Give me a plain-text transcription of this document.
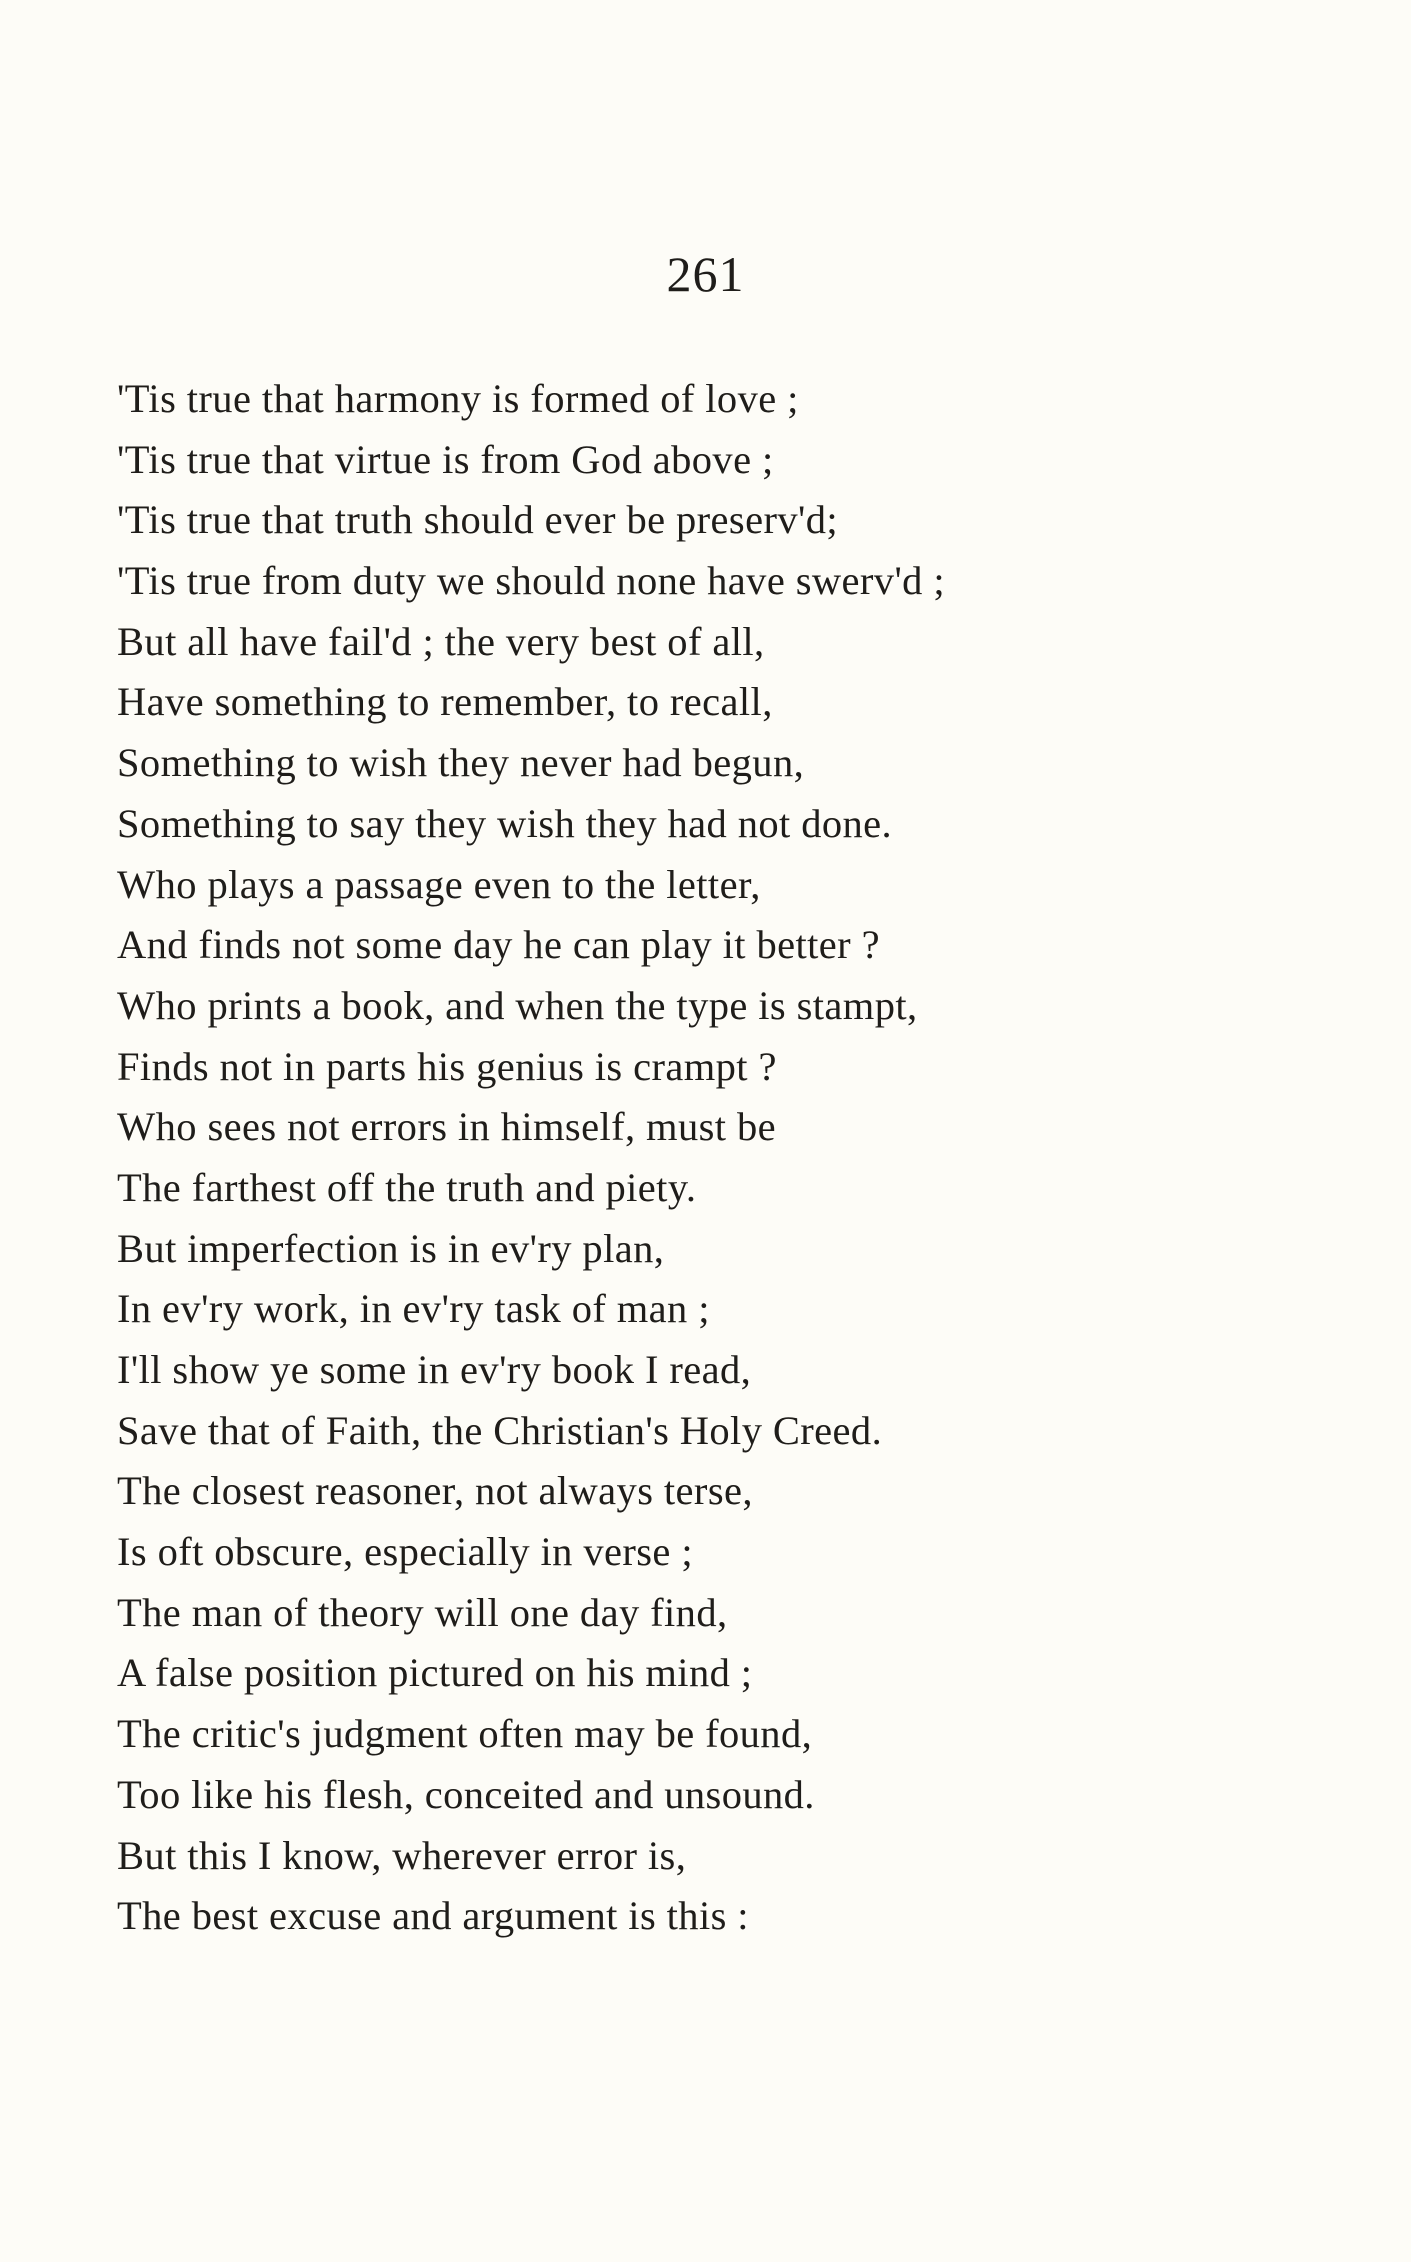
261
'Tis true that harmony is formed of love ;
'Tis true that virtue is from God above ;
'Tis true that truth should ever be preserv'd;
'Tis true from duty we should none have swerv'd ;
But all have fail'd ; the very best of all,
Have something to remember, to recall,
Something to wish they never had begun,
Something to say they wish they had not done.
Who plays a passage even to the letter,
And finds not some day he can play it better ?
Who prints a book, and when the type is stampt,
Finds not in parts his genius is crampt ?
Who sees not errors in himself, must be
The farthest off the truth and piety.
But imperfection is in ev'ry plan,
In ev'ry work, in ev'ry task of man ;
I'll show ye some in ev'ry book I read,
Save that of Faith, the Christian's Holy Creed.
The closest reasoner, not always terse,
Is oft obscure, especially in verse ;
The man of theory will one day find,
A false position pictured on his mind ;
The critic's judgment often may be found,
Too like his flesh, conceited and unsound.
But this I know, wherever error is,
The best excuse and argument is this :
